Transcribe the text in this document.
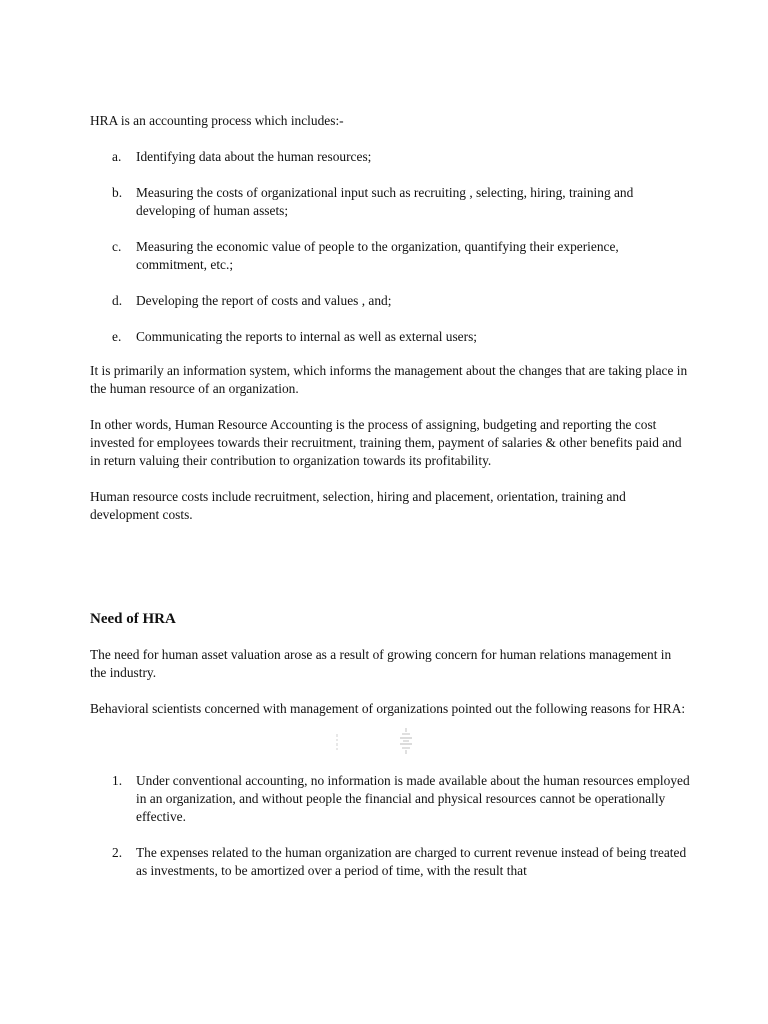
HRA is an accounting process which includes:-

a. Identifying data about the human resources;
b. Measuring the costs of organizational input such as recruiting , selecting, hiring, training and developing of human assets;
c. Measuring the economic value of people to the organization, quantifying their experience, commitment, etc.;
d. Developing the report of costs and values , and;
e. Communicating the reports to internal as well as external users;

It is primarily an information system, which informs the management about the changes that are taking place in the human resource of an organization.

In other words, Human Resource Accounting is the process of assigning, budgeting and reporting the cost invested for employees towards their recruitment, training them, payment of salaries & other benefits paid and in return valuing their contribution to organization towards its profitability.

Human resource costs include recruitment, selection, hiring and placement, orientation, training and development costs.

Need of HRA

The need for human asset valuation arose as a result of growing concern for human relations management in the industry.

Behavioral scientists concerned with management of organizations pointed out the following reasons for HRA:

1. Under conventional accounting, no information is made available about the human resources employed in an organization, and without people the financial and physical resources cannot be operationally effective.
2. The expenses related to the human organization are charged to current revenue instead of being treated as investments, to be amortized over a period of time, with the result that
